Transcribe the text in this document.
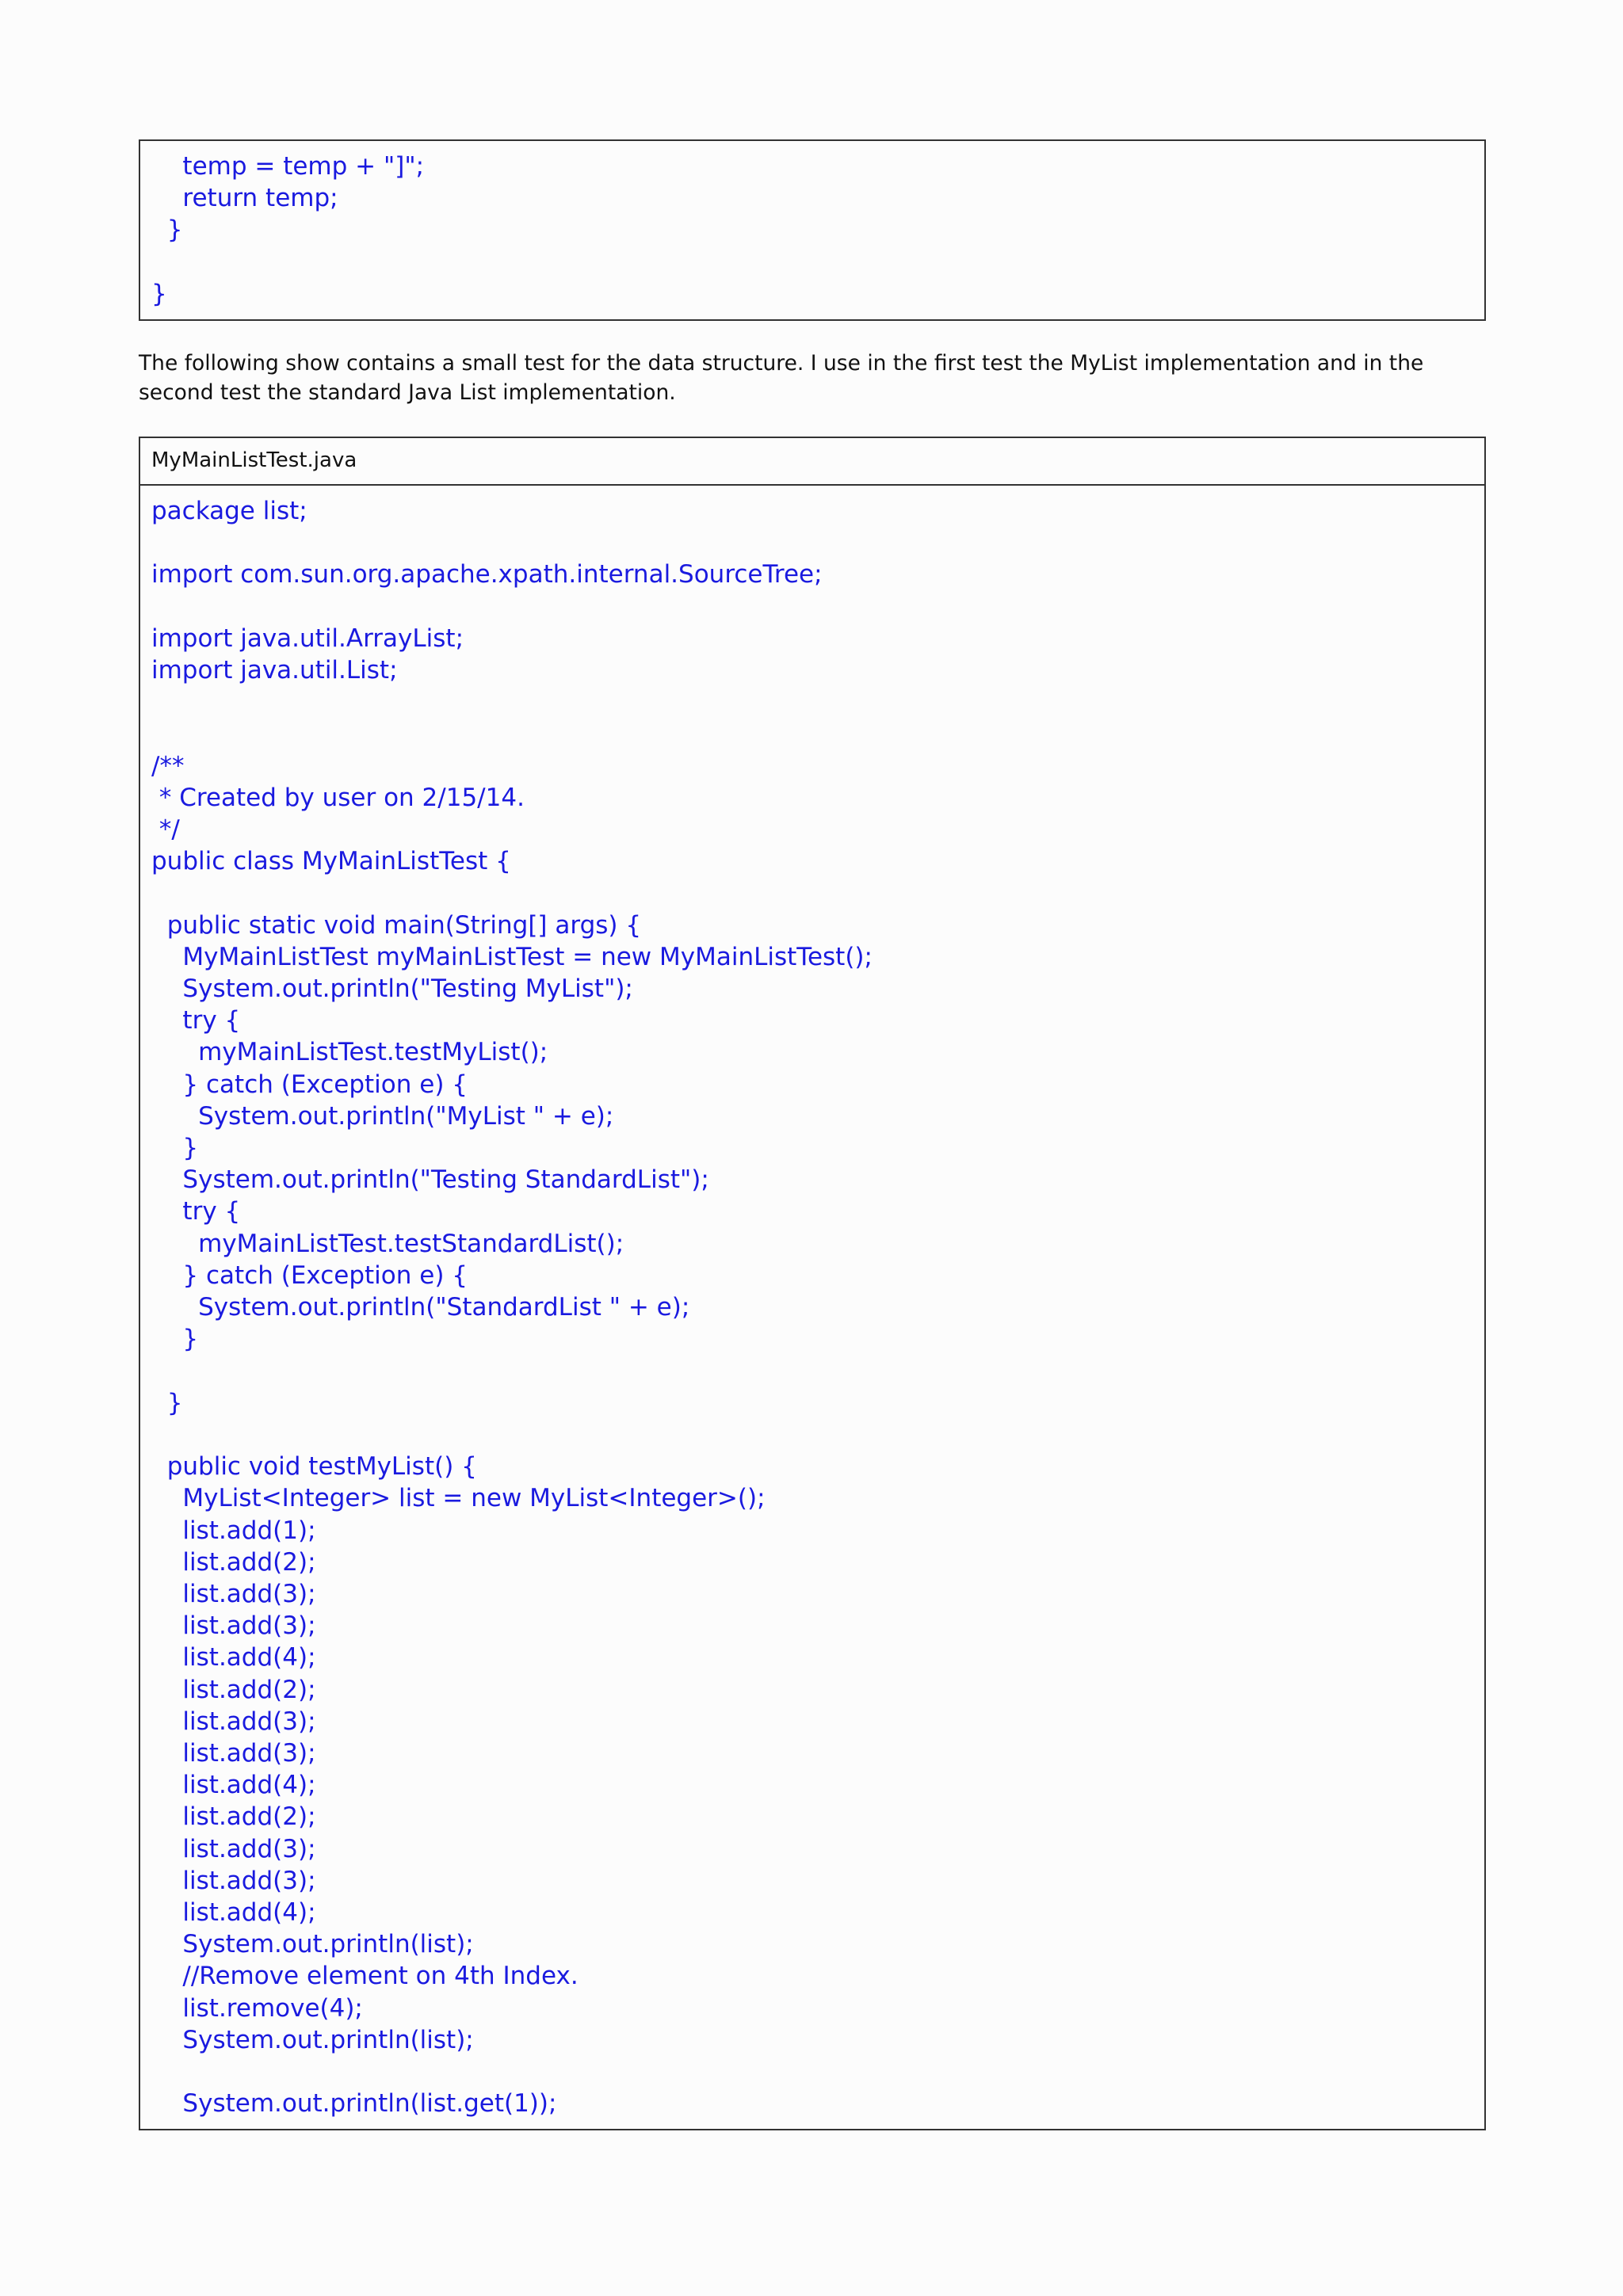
temp = temp + "]";
return temp;
}

}

The following show contains a small test for the data structure. I use in the first test the MyList implementation and in the second test the standard Java List implementation.

MyMainListTest.java
package list;

import com.sun.org.apache.xpath.internal.SourceTree;

import java.util.ArrayList;
import java.util.List;

/**
* Created by user on 2/15/14.
*/
public class MyMainListTest {

public static void main(String[] args) {
MyMainListTest myMainListTest = new MyMainListTest();
System.out.println("Testing MyList");
try {
myMainListTest.testMyList();
} catch (Exception e) {
System.out.println("MyList " + e);
}
System.out.println("Testing StandardList");
try {
myMainListTest.testStandardList();
} catch (Exception e) {
System.out.println("StandardList " + e);
}

}

public void testMyList() {
MyList<Integer> list = new MyList<Integer>();
list.add(1);
list.add(2);
list.add(3);
list.add(3);
list.add(4);
list.add(2);
list.add(3);
list.add(3);
list.add(4);
list.add(2);
list.add(3);
list.add(3);
list.add(4);
System.out.println(list);
//Remove element on 4th Index.
list.remove(4);
System.out.println(list);

System.out.println(list.get(1));
